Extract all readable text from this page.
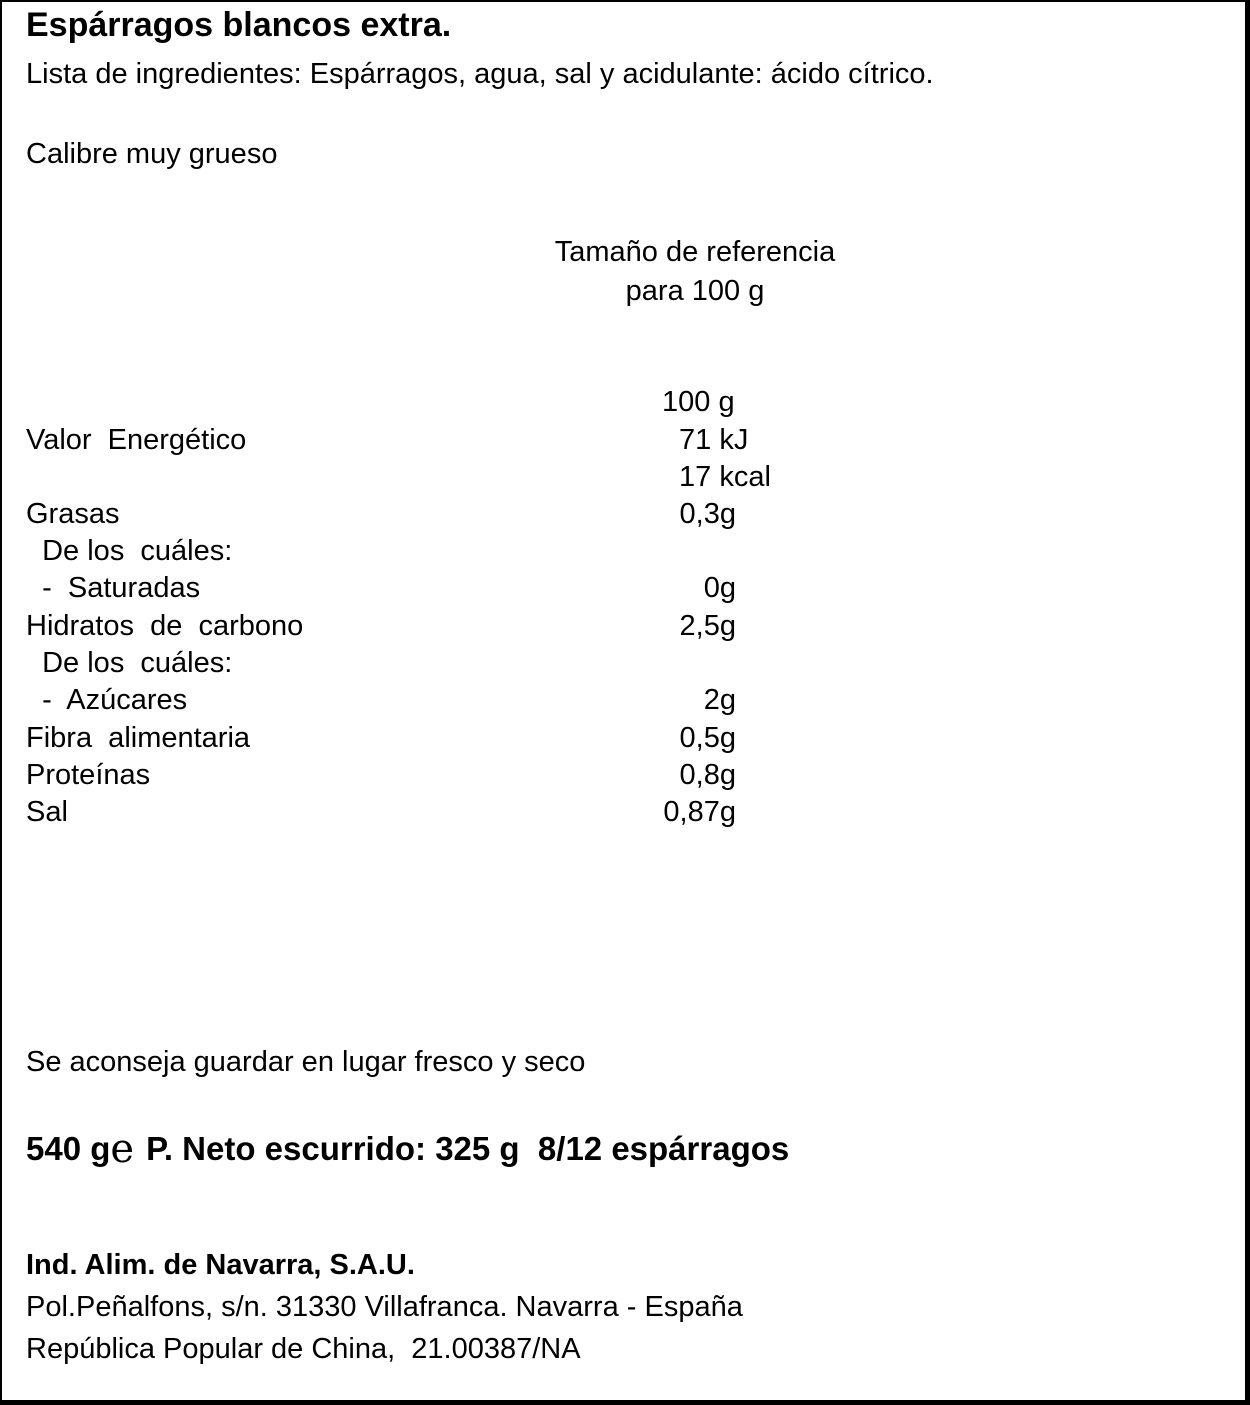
Espárragos blancos extra.
Lista de ingredientes: Espárragos, agua, sal y acidulante: ácido cítrico.
Calibre muy grueso
Tamaño de referencia
para 100 g
100 g
Valor  Energético	71 kJ
17 kcal
Grasas	0,3g
De los  cuáles:
-  Saturadas	0g
Hidratos  de  carbono	2,5g
De los  cuáles:
-  Azúcares	2g
Fibra  alimentaria	0,5g
Proteínas	0,8g
Sal	0,87g
Se aconseja guardar en lugar fresco y seco
540 ge P. Neto escurrido: 325 g  8/12 espárragos
Ind. Alim. de Navarra, S.A.U.
Pol.Peñalfons, s/n. 31330 Villafranca. Navarra - España
República Popular de China,  21.00387/NA
